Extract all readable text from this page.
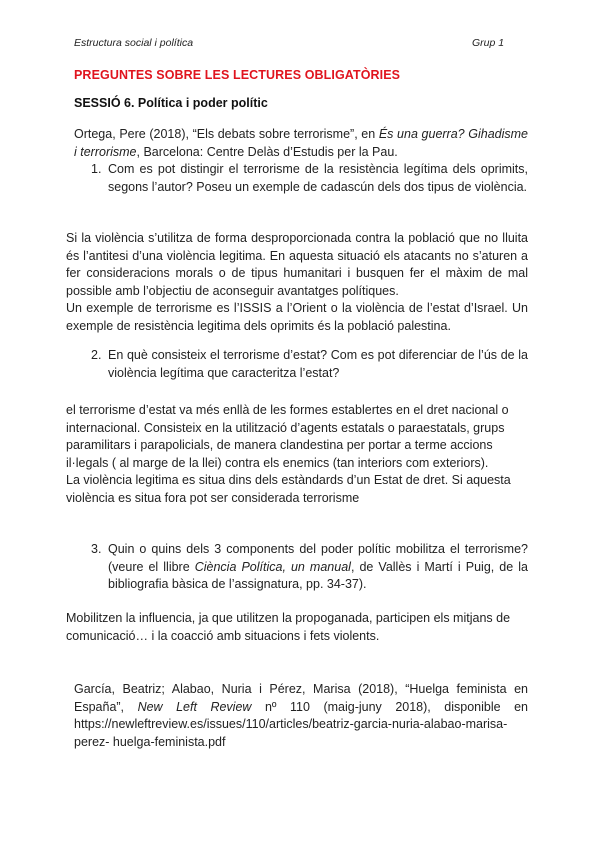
Estructura social i política	Grup 1
PREGUNTES SOBRE LES LECTURES OBLIGATÒRIES
SESSIÓ 6. Política i poder polític
Ortega, Pere (2018), “Els debats sobre terrorisme”, en És una guerra? Gihadisme i terrorisme, Barcelona: Centre Delàs d’Estudis per la Pau.
1. Com es pot distingir el terrorisme de la resistència legítima dels oprimits, segons l’autor? Poseu un exemple de cadascún dels dos tipus de violència.

Si la violència s’utilitza de forma desproporcionada contra la població que no lluita és l’antitesi d’una violència legitima. En aquesta situació els atacants no s’aturen a fer consideracions morals o de tipus humanitari i busquen fer el màxim de mal possible amb l’objectiu de aconseguir avantatges polítiques.

Un exemple de terrorisme es l’ISSIS a l’Orient o la violència de l’estat d’Israel. Un exemple de resistència legitima dels oprimits és la població palestina.

2. En què consisteix el terrorisme d’estat? Com es pot diferenciar de l’ús de la violència legítima que caracteritza l’estat?

el terrorisme d’estat va més enllà de les formes establertes en el dret nacional o internacional. Consisteix en la utilització d’agents estatals o paraestatals, grups paramilitars i parapolicials, de manera clandestina per portar a terme accions il·legals ( al marge de la llei) contra els enemics (tan interiors com exteriors).

La violència legitima es situa dins dels estàndards d’un Estat de dret. Si aquesta violència es situa fora pot ser considerada terrorisme

3. Quin o quins dels 3 components del poder polític mobilitza el terrorisme? (veure el llibre Ciència Política, un manual, de Vallès i Martí i Puig, de la bibliografia bàsica de l’assignatura, pp. 34-37).
Mobilitzen la influencia, ja que utilitzen la propoganada, participen els mitjans de comunicació… i la coacció amb situacions i fets violents.
García, Beatriz; Alabao, Nuria i Pérez, Marisa (2018), “Huelga feminista en España”, New Left Review nº 110 (maig-juny 2018), disponible en https://newleftreview.es/issues/110/articles/beatriz-garcia-nuria-alabao-marisa-perez- huelga-feminista.pdf
